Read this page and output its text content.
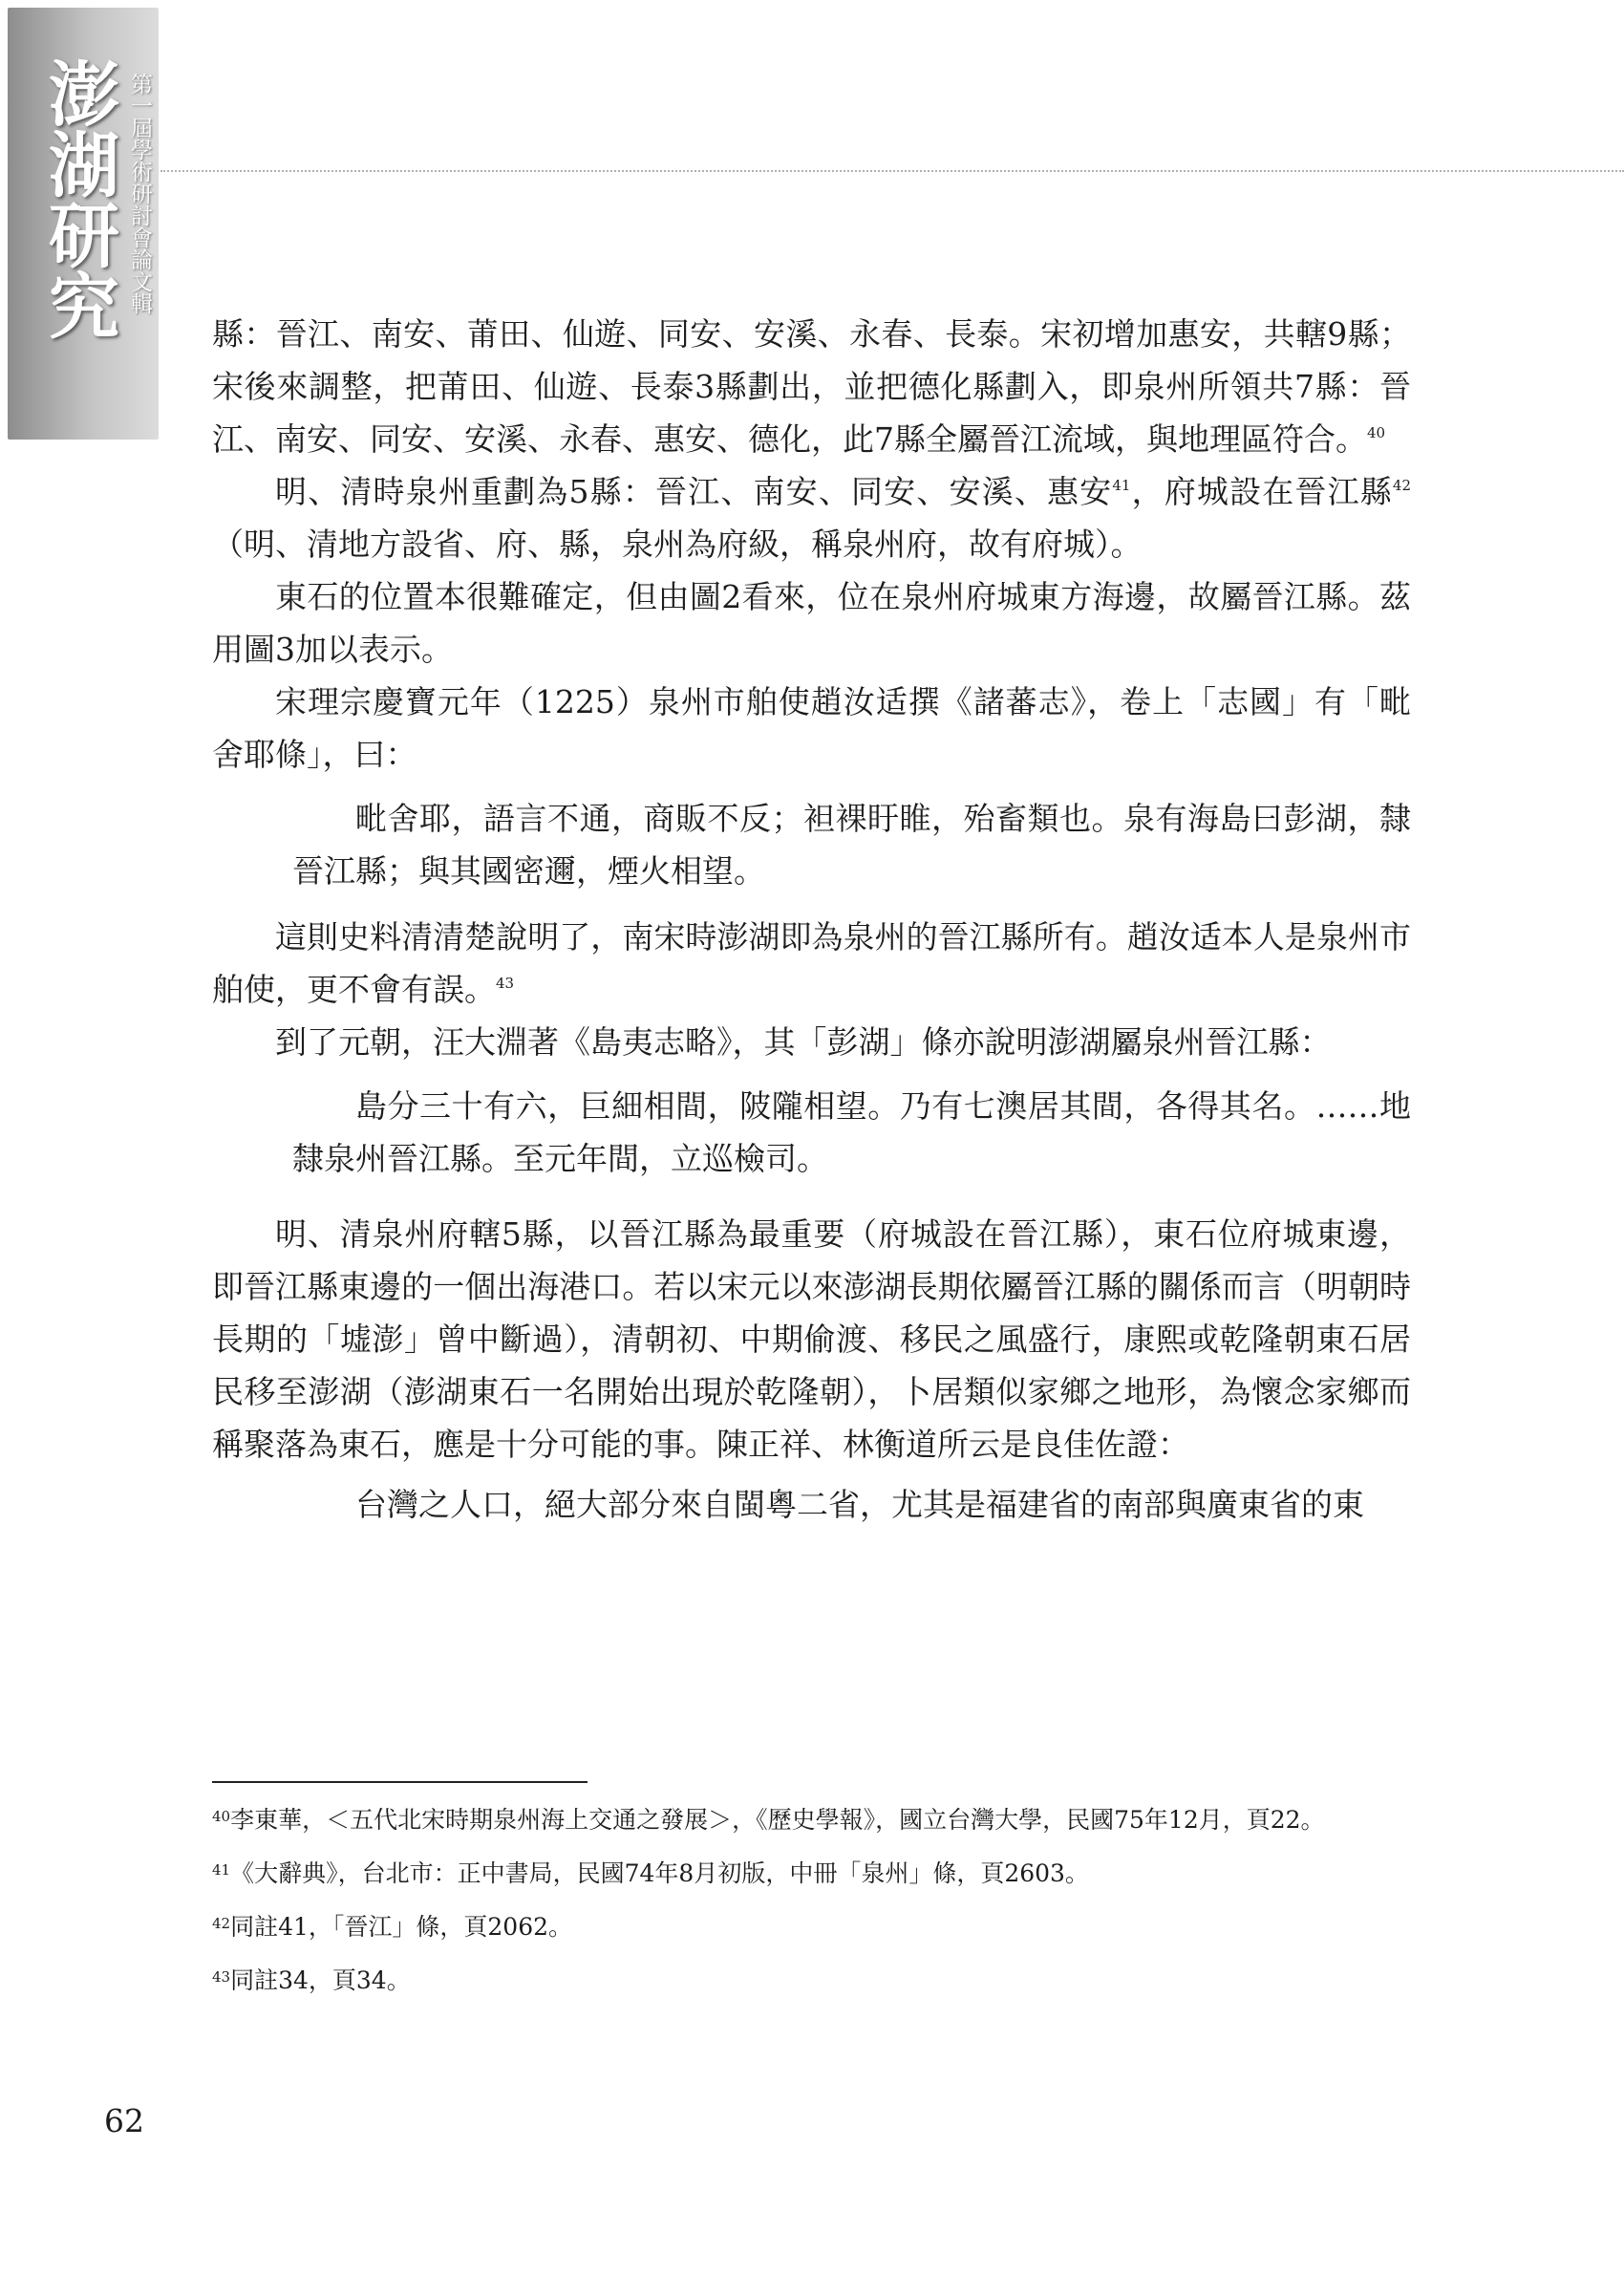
澎湖研究 第一屆學術研討會論文輯

縣：晉江、南安、莆田、仙遊、同安、安溪、永春、長泰。宋初增加惠安，共轄9縣；宋後來調整，把莆田、仙遊、長泰3縣劃出，並把德化縣劃入，即泉州所領共7縣：晉江、南安、同安、安溪、永春、惠安、德化，此7縣全屬晉江流域，與地理區符合。$^{40}$

明、清時泉州重劃為5縣：晉江、南安、同安、安溪、惠安$^{41}$，府城設在晉江縣$^{42}$（明、清地方設省、府、縣，泉州為府級，稱泉州府，故有府城）。

東石的位置本很難確定，但由圖2看來，位在泉州府城東方海邊，故屬晉江縣。茲用圖3加以表示。

宋理宗慶寶元年（1225）泉州市舶使趙汝适撰《諸蕃志》，卷上「志國」有「毗舍耶條」，曰：

毗舍耶，語言不通，商販不反；袒裸盱睢，殆畜類也。泉有海島曰彭湖，隸晉江縣；與其國密邇，煙火相望。

這則史料清清楚說明了，南宋時澎湖即為泉州的晉江縣所有。趙汝适本人是泉州市舶使，更不會有誤。$^{43}$

到了元朝，汪大淵著《島夷志略》，其「彭湖」條亦說明澎湖屬泉州晉江縣：

島分三十有六，巨細相間，陂隴相望。乃有七澳居其間，各得其名。……地隸泉州晉江縣。至元年間，立巡檢司。

明、清泉州府轄5縣，以晉江縣為最重要（府城設在晉江縣），東石位府城東邊，即晉江縣東邊的一個出海港口。若以宋元以來澎湖長期依屬晉江縣的關係而言（明朝時長期的「墟澎」曾中斷過），清朝初、中期偷渡、移民之風盛行，康熙或乾隆朝東石居民移至澎湖（澎湖東石一名開始出現於乾隆朝），卜居類似家鄉之地形，為懷念家鄉而稱聚落為東石，應是十分可能的事。陳正祥、林衡道所云是良佳佐證：

台灣之人口，絕大部分來自閩粵二省，尤其是福建省的南部與廣東省的東

$^{40}$李東華，＜五代北宋時期泉州海上交通之發展＞，《歷史學報》，國立台灣大學，民國75年12月，頁22。

$^{41}$《大辭典》，台北市：正中書局，民國74年8月初版，中冊「泉州」條，頁2603。

$^{42}$同註41，「晉江」條，頁2062。

$^{43}$同註34，頁34。

62
